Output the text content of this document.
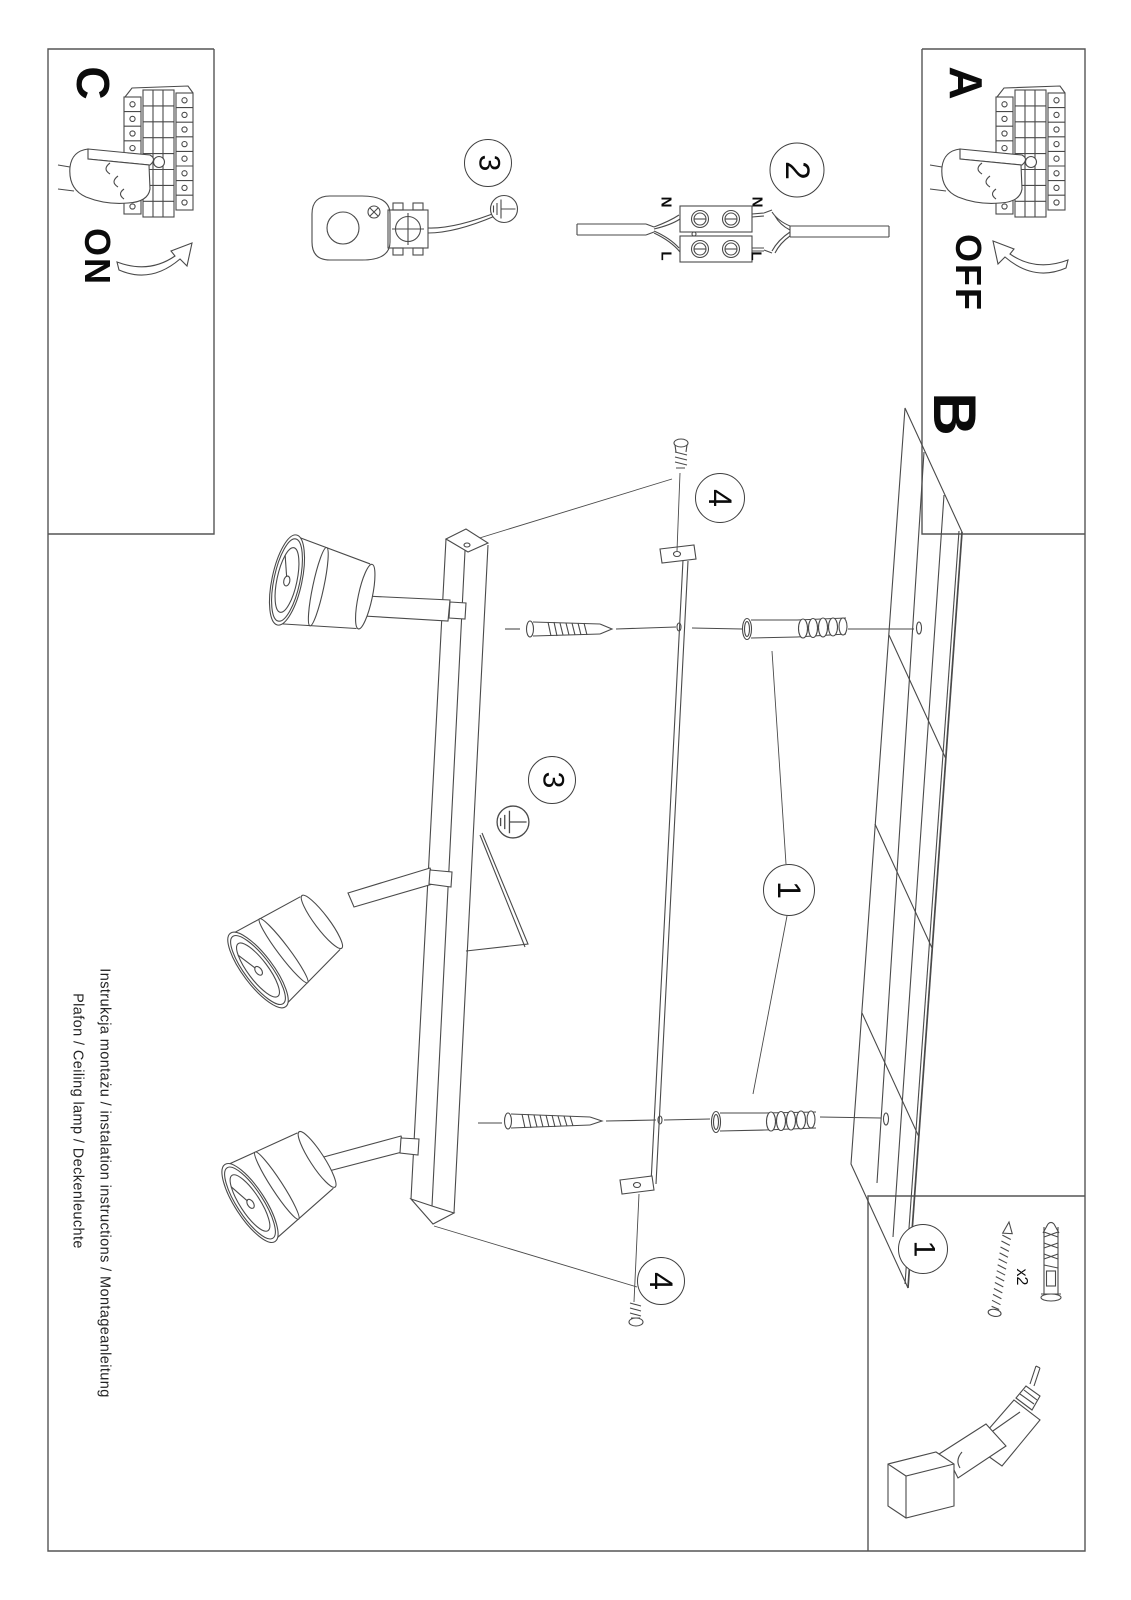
C
ON
A
OFF
B
N	N
L	L
x2
Instrukcja montażu / instalation instructions / Montageanleitung
Plafon / Ceiling lamp / Deckenleuchte
3	2
4
3
1
4
1
